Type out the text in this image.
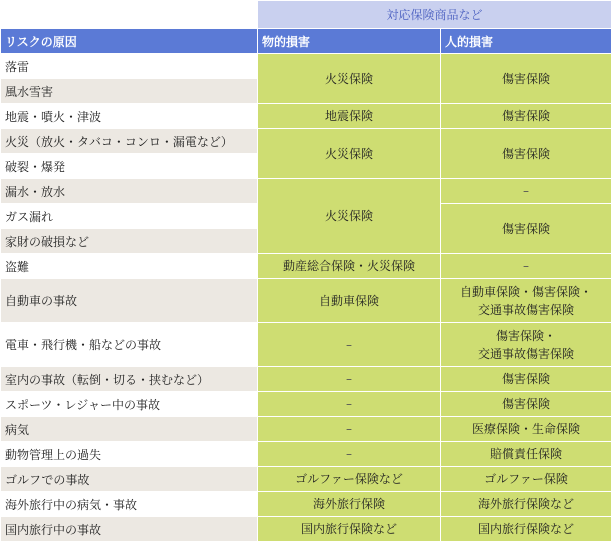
	対応保険商品など	
リスクの原因	物的損害	人的損害
落雷	火災保険	傷害保険
風水雪害		
地震・噴火・津波	地震保険	傷害保険
火災（放火・タバコ・コンロ・漏電など）	火災保険	傷害保険
破裂・爆発		
漏水・放水	火災保険	–
ガス漏れ		傷害保険
家財の破損など		
盗難	動産総合保険・火災保険	–
自動車の事故	自動車保険	自動車保険・傷害保険・
交通事故傷害保険

電車・飛行機・船などの事故	–	傷害保険・
交通事故傷害保険

室内の事故（転倒・切る・挟むなど）	–	傷害保険
スポーツ・レジャー中の事故	–	傷害保険
病気	–	医療保険・生命保険
動物管理上の過失	–	賠償責任保険
ゴルフでの事故	ゴルファー保険など	ゴルファー保険
海外旅行中の病気・事故	海外旅行保険	海外旅行保険など
国内旅行中の事故	国内旅行保険など	国内旅行保険など
